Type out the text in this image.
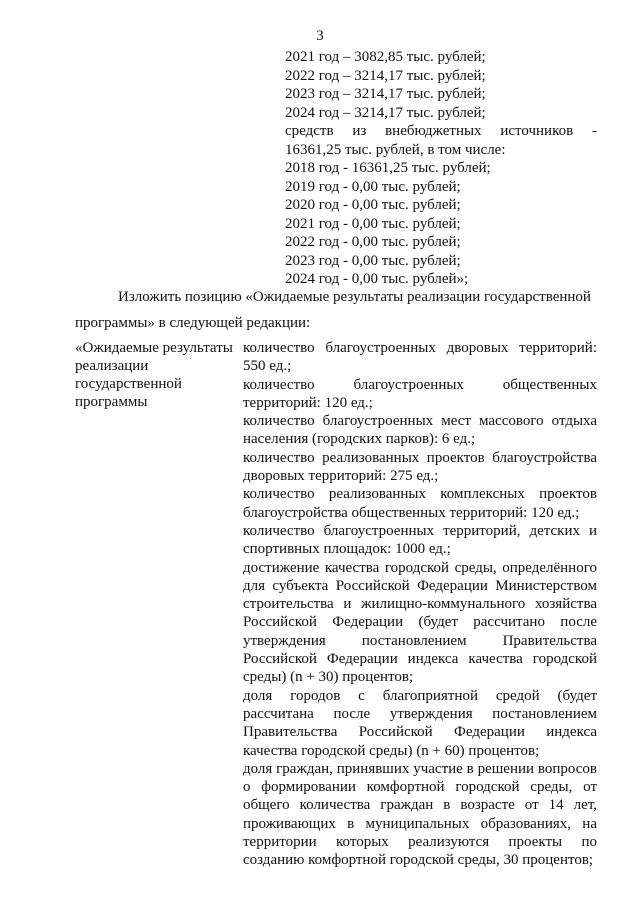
3
2021 год – 3082,85 тыс. рублей;
2022 год – 3214,17 тыс. рублей;
2023 год – 3214,17 тыс. рублей;
2024 год – 3214,17 тыс. рублей;
средств из внебюджетных источников -
16361,25 тыс. рублей, в том числе:
2018 год - 16361,25 тыс. рублей;
2019 год - 0,00 тыс. рублей;
2020 год - 0,00 тыс. рублей;
2021 год - 0,00 тыс. рублей;
2022 год - 0,00 тыс. рублей;
2023 год - 0,00 тыс. рублей;
2024 год - 0,00 тыс. рублей»;
Изложить позицию «Ожидаемые результаты реализации государственной
программы» в следующей редакции:
«Ожидаемые результаты
реализации
государственной
программы
количество благоустроенных дворовых территорий: 550 ед.;
количество благоустроенных общественных территорий: 120 ед.;
количество благоустроенных мест массового отдыха населения (городских парков): 6 ед.;
количество реализованных проектов благоустройства дворовых территорий: 275 ед.;
количество реализованных комплексных проектов благоустройства общественных территорий: 120 ед.;
количество благоустроенных территорий, детских и спортивных площадок: 1000 ед.;
достижение качества городской среды, определённого для субъекта Российской Федерации Министерством строительства и жилищно-коммунального хозяйства Российской Федерации (будет рассчитано после утверждения постановлением Правительства Российской Федерации индекса качества городской среды) (n + 30) процентов;
доля городов с благоприятной средой (будет рассчитана после утверждения постановлением Правительства Российской Федерации индекса качества городской среды) (n + 60) процентов;
доля граждан, принявших участие в решении вопросов о формировании комфортной городской среды, от общего количества граждан в возрасте от 14 лет, проживающих в муниципальных образованиях, на территории которых реализуются проекты по созданию комфортной городской среды, 30 процентов;
